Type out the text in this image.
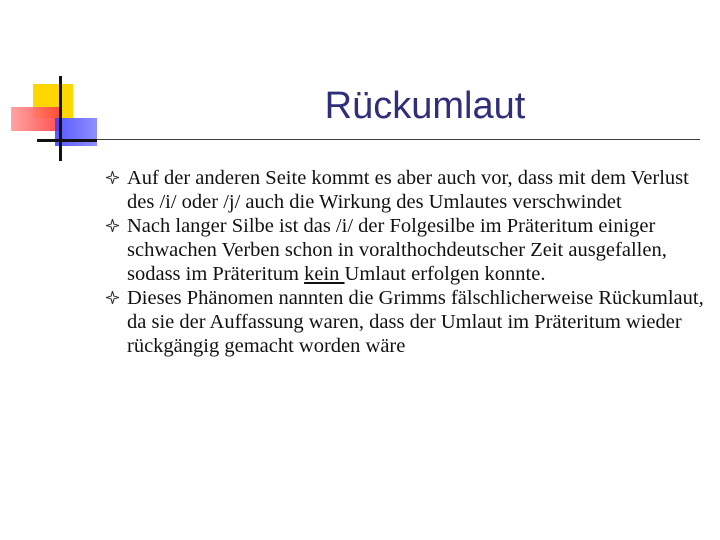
Rückumlaut
Auf der anderen Seite kommt es aber auch vor, dass mit dem Verlust des /i/ oder /j/ auch die Wirkung des Umlautes verschwindet
Nach langer Silbe ist das /i/ der Folgesilbe im Präteritum einiger schwachen Verben schon in voralthochdeutscher Zeit ausgefallen, sodass im Präteritum kein Umlaut erfolgen konnte.
Dieses Phänomen nannten die Grimms fälschlicherweise Rückumlaut, da sie der Auffassung waren, dass der Umlaut im Präteritum wieder rückgängig gemacht worden wäre
